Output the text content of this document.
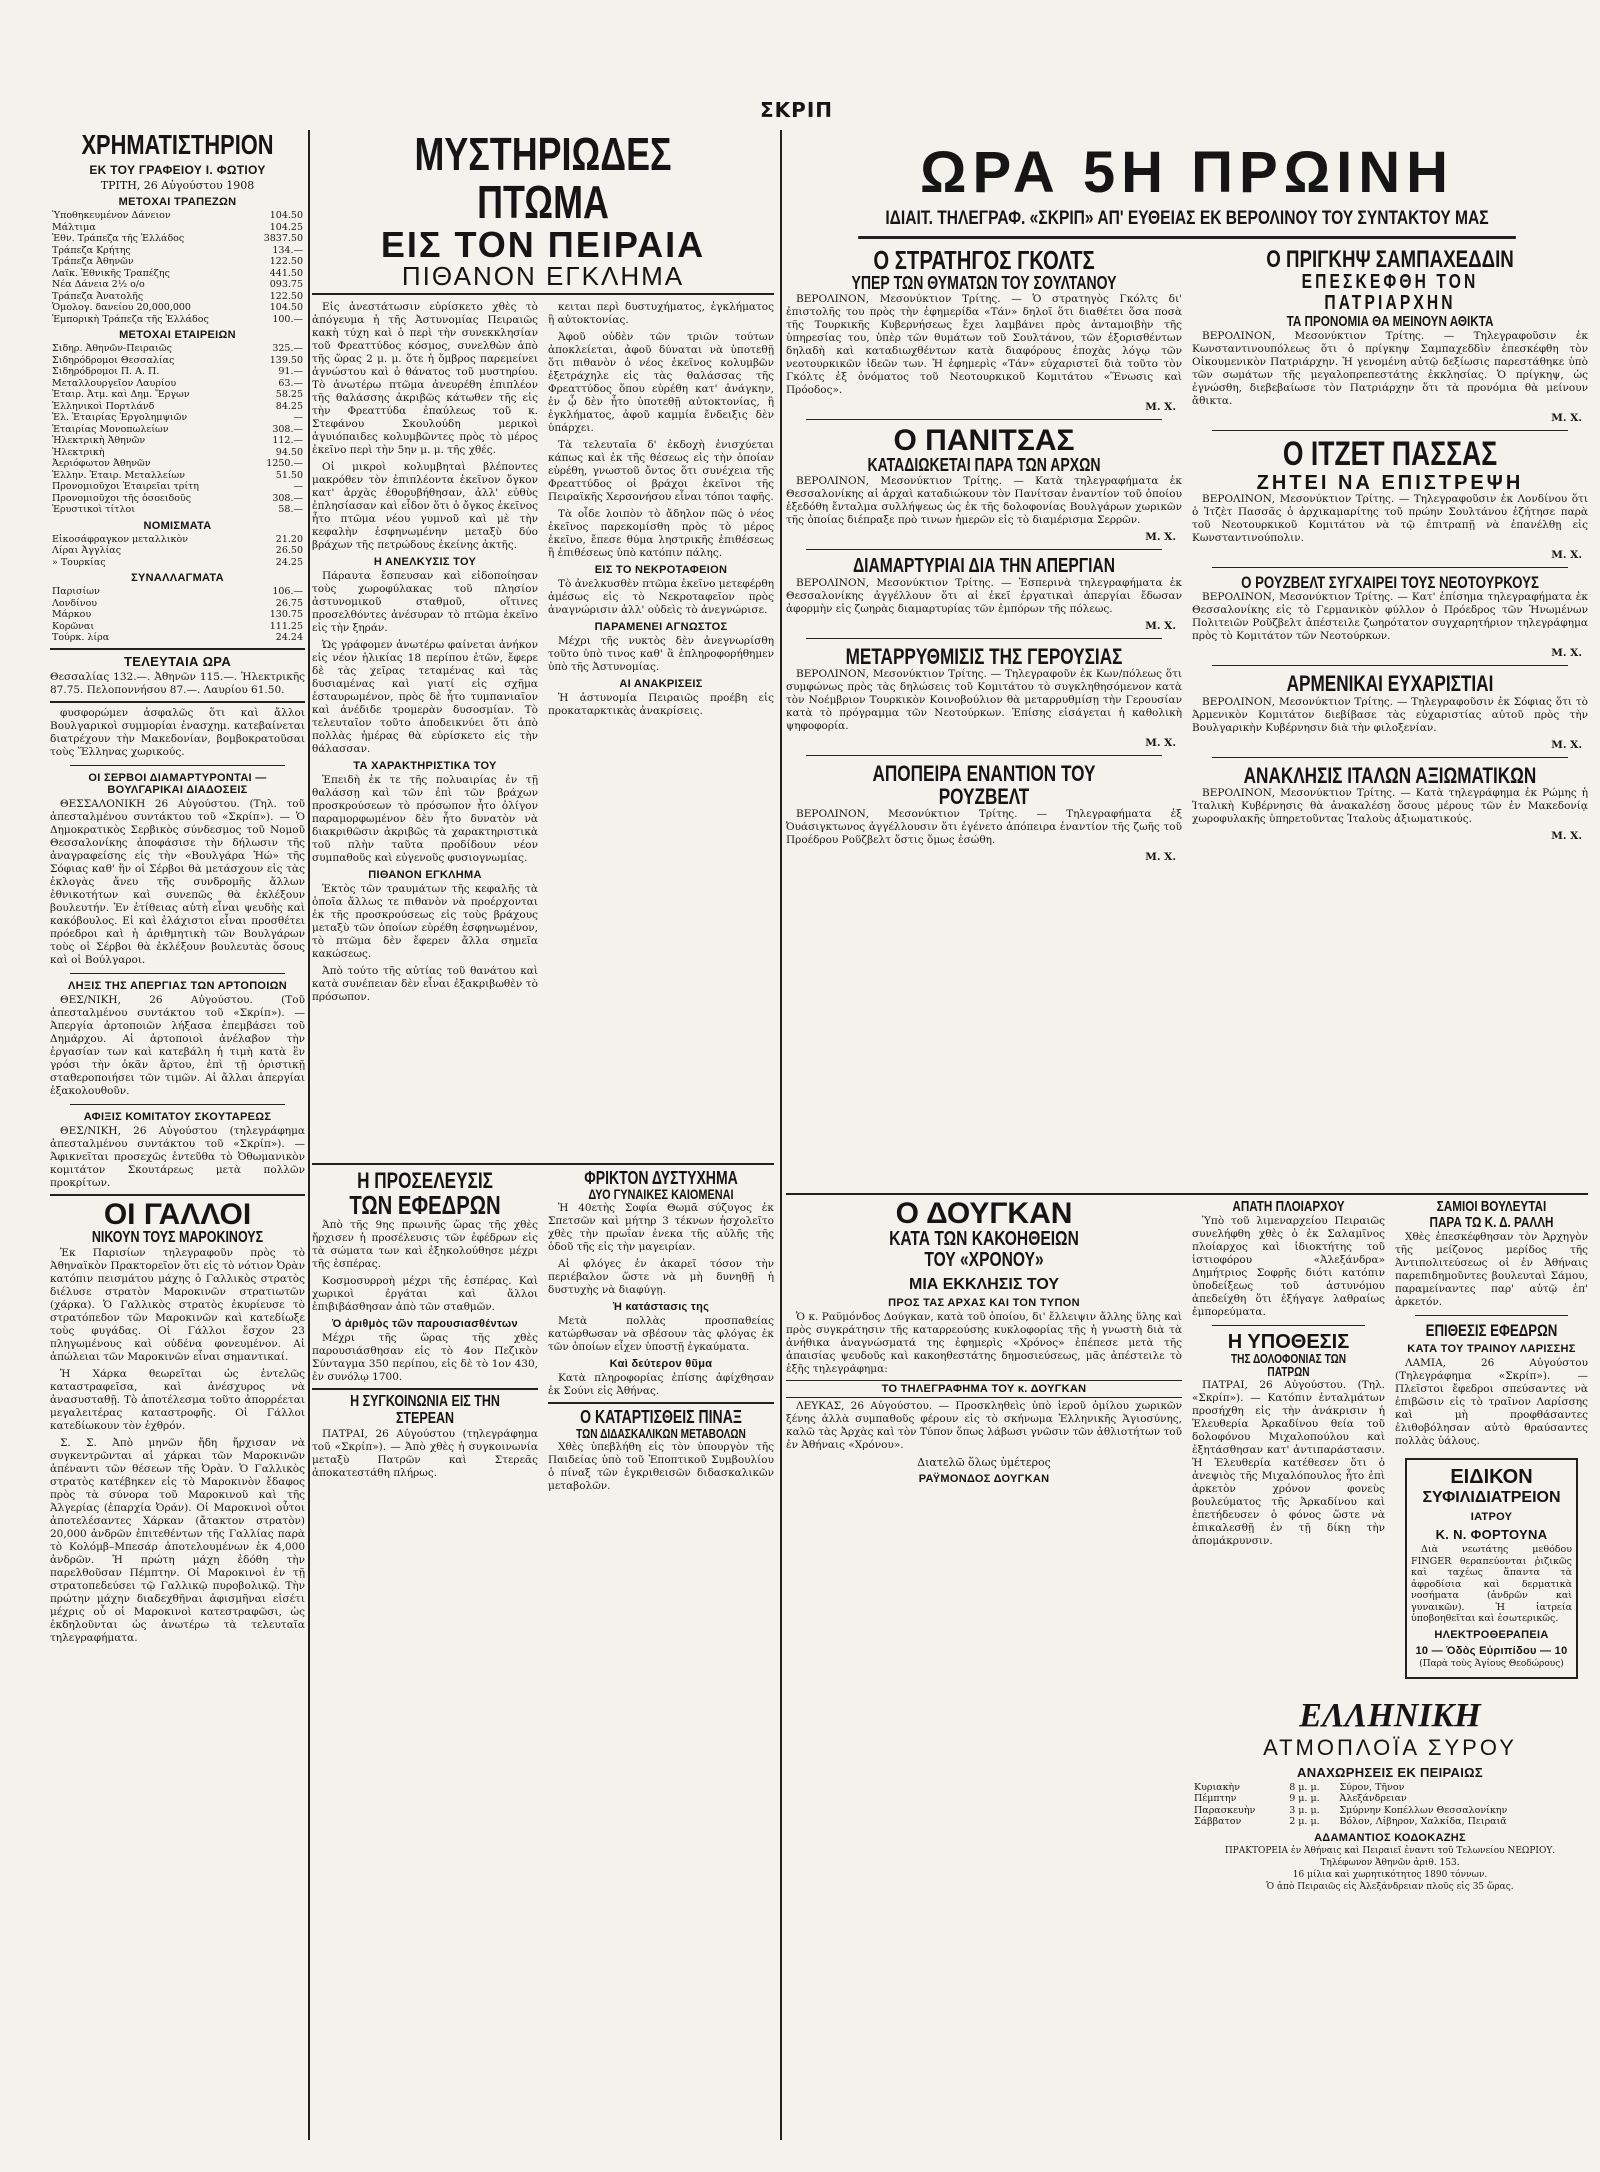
ΣΚΡΙΠ
ΧΡΗΜΑΤΙΣΤΗΡΙΟΝ
ΕΚ ΤΟΥ ΓΡΑΦΕΙΟΥ Ι. ΦΩΤΙΟΥ
ΤΡΙΤΗ, 26 Αὐγούστου 1908
ΜΕΤΟΧΑΙ ΤΡΑΠΕΖΩΝ
Ὑποθηκευμένον Δάνειον	104.50
Μάλτιμα	104.25
Ἐθν. Τράπεζα τῆς Ἑλλάδος	3837.50
Τράπεζα Κρήτης	134.—
Τράπεζα Ἀθηνῶν	122.50
Λαϊκ. Ἐθνικῆς Τραπέζης	441.50
Νέα Δάνεια 2½ ο/ο	093.75
Τράπεζα Ἀνατολῆς	122.50
Ὁμολογ. δανείου 20,000,000	104.50
Ἐμπορικὴ Τράπεζα τῆς Ἑλλάδος	100.—
ΜΕΤΟΧΑΙ ΕΤΑΙΡΕΙΩΝ
Σιδηρ. Ἀθηνῶν-Πειραιῶς	325.—
Σιδηρόδρομοι Θεσσαλίας	139.50
Σιδηρόδρομοι Π. Α. Π.	91.—
Μεταλλουργεῖον Λαυρίου	63.—
Ἑταιρ. Ἀτμ. καὶ Δημ. Ἔργων	58.25
Ἑλληνικοὶ Πορτλάνδ	84.25
Ἑλ. Ἑταιρίας Ἐργολημψιῶν	—
Ἑταιρίας Μονοπωλείων	308.—
Ἠλεκτρικὴ Ἀθηνῶν	112.—
Ἠλεκτρικὴ	94.50
Ἀεριόφωτον Ἀθηνῶν	1250.—
Ἑλλην. Ἑταιρ. Μεταλλείων	51.50
Προνομιοῦχοι Ἑταιρεῖαι τρίτη	—
Προνομιοῦχοι τῆς ὁσοειδοῦς	308.—
Ἑρυστικοὶ τίτλοι	58.—
ΝΟΜΙΣΜΑΤΑ
Εἰκοσάφραγκον μεταλλικὸν	21.20
Λίραι Ἀγγλίας	26.50
» Τουρκίας	24.25
ΣΥΝΑΛΛΑΓΜΑΤΑ
Παρισίων	106.—
Λονδίνου	26.75
Μάρκου	130.75
Κορῶναι	111.25
Τούρκ. λίρα	24.24
ΤΕΛΕΥΤΑΙΑ ΩΡΑ
Θεσσαλίας 132.—. Ἀθηνῶν 115.—. Ἠλεκτρικῆς 87.75. Πελοποννήσου 87.—. Λαυρίου 61.50.
φυσφορώμεν ἀσφαλῶς ὅτι καὶ ἄλλοι Βουλγαρικοὶ συμμορίαι ἐνασχημ. κατεβαίνεται διατρέχουν τὴν Μακεδονίαν, βομβοκρατοῦσαι τοὺς Ἕλληνας χωρικούς.
ΟΙ ΣΕΡΒΟΙ ΔΙΑΜΑΡΤΥΡΟΝΤΑΙ — ΒΟΥΛΓΑΡΙΚΑΙ ΔΙΑΔΟΣΕΙΣ
ΘΕΣΣΑΛΟΝΙΚΗ 26 Αὐγούστου. (Τηλ. τοῦ ἀπεσταλμένου συντάκτου τοῦ «Σκρίπ»). — Ὁ Δημοκρατικὸς Σερβικὸς σύνδεσμος τοῦ Νομοῦ Θεσσαλονίκης ἀποφάσισε τὴν δήλωσιν τῆς ἀναγραφείσης εἰς τὴν «Βουλγάρα Ἠώ» τῆς Σόφιας καθ' ἣν οἱ Σέρβοι θὰ μετάσχουν εἰς τὰς ἐκλογὰς ἄνευ τῆς συνδρομῆς ἄλλων ἐθνικοτήτων καὶ συνεπῶς θὰ ἐκλέξουν βουλευτήν. Ἐν ἐτίθειας αὐτὴ εἶναι ψευδὴς καὶ κακόβουλος. Εἰ καὶ ἐλάχιστοι εἶναι προσθέτει πρόεδροι καὶ ἡ ἀριθμητικὴ τῶν Βουλγάρων τοὺς οἱ Σέρβοι θὰ ἐκλέξουν βουλευτὰς ὅσους καὶ οἱ Βούλγαροι.
ΛΗΞΙΣ ΤΗΣ ΑΠΕΡΓΙΑΣ ΤΩΝ ΑΡΤΟΠΟΙΩΝ
ΘΕΣ/ΝΙΚΗ, 26 Αὐγούστου. (Τοῦ ἀπεσταλμένου συντάκτου τοῦ «Σκρίπ»). — Ἀπεργία ἀρτοποιῶν λήξασα ἐπεμβάσει τοῦ Δημάρχου. Αἱ ἀρτοποιοὶ ἀνέλαβον τὴν ἐργασίαν των καὶ κατεβάλη ἡ τιμὴ κατὰ ἓν γρόσι τὴν ὀκᾶν ἄρτου, ἐπὶ τῇ ὁριστικῇ σταθεροποιήσει τῶν τιμῶν. Αἱ ἄλλαι ἀπεργίαι ἐξακολουθοῦν.
ΑΦΙΞΙΣ ΚΟΜΙΤΑΤΟΥ ΣΚΟΥΤΑΡΕΩΣ
ΘΕΣ/ΝΙΚΗ, 26 Αὐγούστου (τηλεγράφημα ἀπεσταλμένου συντάκτου τοῦ «Σκρίπ»). — Ἀφικνεῖται προσεχῶς ἐντεῦθα τὸ Ὀθωμανικὸν κομιτάτον Σκουτάρεως μετὰ πολλῶν προκρίτων.
ΟΙ ΓΑΛΛΟΙ
ΝΙΚΟΥΝ ΤΟΥΣ ΜΑΡΟΚΙΝΟΥΣ
Ἐκ Παρισίων τηλεγραφοῦν πρὸς τὸ Ἀθηναϊκὸν Πρακτορεῖον ὅτι εἰς τὸ νότιον Ὀρὰν κατόπιν πεισμάτου μάχης ὁ Γαλλικὸς στρατὸς διέλυσε στρατὸν Μαροκινῶν στρατιωτῶν (χάρκα). Ὁ Γαλλικὸς στρατὸς ἐκυρίευσε τὸ στρατόπεδον τῶν Μαροκινῶν καὶ κατεδίωξε τοὺς φυγάδας. Οἱ Γάλλοι ἔσχον 23 πληγωμένους καὶ οὐδένα φονευμένον. Αἱ ἀπώλειαι τῶν Μαροκινῶν εἶναι σημαντικαί.
Ἡ Χάρκα θεωρεῖται ὡς ἐντελῶς καταστραφεῖσα, καὶ ἀνέσχυρος νὰ ἀνασυσταθῇ. Τὸ ἀποτέλεσμα τοῦτο ἀπορρέεται μεγαλειτέρας καταστροφῆς. Οἱ Γάλλοι κατεδίωκουν τὸν ἐχθρόν.
Σ. Σ. Ἀπὸ μηνῶν ἤδη ἤρχισαν νὰ συγκεντρῶνται αἱ χάρκαι τῶν Μαροκινῶν ἀπέναντι τῶν θέσεων τῆς Ὀρὰν. Ὁ Γαλλικὸς στρατὸς κατέβηκεν εἰς τὸ Μαροκινὸν ἔδαφος πρὸς τὰ σύνορα τοῦ Μαροκινοῦ καὶ τῆς Ἀλγερίας (ἐπαρχία Ὀράν). Οἱ Μαροκινοὶ οὗτοι ἀποτελέσαντες Χάρκαν (ἄτακτον στρατὸν) 20,000 ἀνδρῶν ἐπιτεθέντων τῆς Γαλλίας παρὰ τὸ Κολόμβ–Μπεσάρ ἀποτελουμένων ἐκ 4,000 ἀνδρῶν. Ἡ πρώτη μάχη ἐδόθη τὴν παρελθοῦσαν Πέμπτην. Οἱ Μαροκινοὶ ἐν τῇ στρατοπεδεύσει τῷ Γαλλικῷ πυροβολικῷ. Τὴν πρώτην μάχην διαδεχθῆναι ἀφισμῆναι εἰσέτι μέχρις οὗ οἱ Μαροκινοὶ κατεστραφῶσι, ὡς ἐκδηλοῦνται ὡς ἀνωτέρω τὰ τελευταῖα τηλεγραφήματα.
ΜΥΣΤΗΡΙΩΔΕΣ ΠΤΩΜΑ
ΕΙΣ ΤΟΝ ΠΕΙΡΑΙΑ
ΠΙΘΑΝΟΝ ΕΓΚΛΗΜΑ
Εἰς ἀνεστάτωσιν εὑρίσκετο χθὲς τὸ ἀπόγευμα ἡ τῆς Ἀστυνομίας Πειραιῶς κακὴ τύχη καὶ ὁ περὶ τὴν συνεκκλησίαν τοῦ Φρεαττύδος κόσμος, συνελθὼν ἀπὸ τῆς ὥρας 2 μ. μ. ὅτε ἡ ὅμβρος παρεμείνει ἀγνώστου καὶ ὁ θάνατος τοῦ μυστηρίου. Τὸ ἀνωτέρω πτῶμα ἀνευρέθη ἐπιπλέον τῆς θαλάσσης ἀκριβῶς κάτωθεν τῆς εἰς τὴν Φρεαττύδα ἐπαύλεως τοῦ κ. Στεφάνου Σκουλούδη μερικοὶ ἀγυιόπαιδες κολυμβῶντες πρὸς τὸ μέρος ἐκεῖνο περὶ τὴν 5ην μ. μ. τῆς χθές.
Οἱ μικροὶ κολυμβηταὶ βλέποντες μακρόθεν τὸν ἐπιπλέοντα ἐκεῖνον ὄγκον κατ' ἀρχὰς ἐθορυβήθησαν, ἀλλ' εὐθὺς ἐπλησίασαν καὶ εἶδον ὅτι ὁ ὄγκος ἐκεῖνος ἦτο πτῶμα νέου γυμνοῦ καὶ μὲ τὴν κεφαλὴν ἐσφηνωμένην μεταξὺ δύο βράχων τῆς πετρώδους ἐκείνης ἀκτῆς.
Η ΑΝΕΛΚΥΣΙΣ ΤΟΥ
Πάραυτα ἔσπευσαν καὶ εἰδοποίησαν τοὺς χωροφύλακας τοῦ πλησίον ἀστυνομικοῦ σταθμοῦ, οἵτινες προσελθόντες ἀνέσυραν τὸ πτῶμα ἐκεῖνο εἰς τὴν ξηράν.
Ὡς γράφομεν ἀνωτέρω φαίνεται ἀνήκον εἰς νέον ἡλικίας 18 περίπου ἐτῶν, ἔφερε δὲ τὰς χεῖρας τεταμένας καὶ τὰς δυσιαμένας καὶ γιατί εἰς σχῆμα ἐσταυρωμένον, πρὸς δὲ ἦτο τυμπανιαῖον καὶ ἀνέδιδε τρομερὰν δυσοσμίαν. Τὸ τελευταῖον τοῦτο ἀποδεικνύει ὅτι ἀπὸ πολλὰς ἡμέρας θὰ εὑρίσκετο εἰς τὴν θάλασσαν.
ΤΑ ΧΑΡΑΚΤΗΡΙΣΤΙΚΑ ΤΟΥ
Ἐπειδὴ ἐκ τε τῆς πολυαιρίας ἐν τῇ θαλάσσῃ καὶ τῶν ἐπὶ τῶν βράχων προσκρούσεων τὸ πρόσωπον ἦτο ὀλίγον παραμορφωμένον δὲν ἦτο δυνατὸν νὰ διακριθῶσιν ἀκριβῶς τὰ χαρακτηριστικὰ τοῦ πλὴν ταῦτα προδίδουν νέον συμπαθοῦς καὶ εὐγενοῦς φυσιογνωμίας.
ΠΙΘΑΝΟΝ ΕΓΚΛΗΜΑ
Ἐκτὸς τῶν τραυμάτων τῆς κεφαλῆς τὰ ὁποῖα ἄλλως τε πιθανὸν νὰ προέρχονται ἐκ τῆς προσκρούσεως εἰς τοὺς βράχους μεταξὺ τῶν ὁποίων εὑρέθη ἐσφηνωμένον, τὸ πτῶμα δὲν ἔφερεν ἄλλα σημεῖα κακώσεως.
Ἀπὸ τούτο τῆς αὐτίας τοῦ θανάτου καὶ κατὰ συνέπειαν δὲν εἶναι ἐξακριβωθὲν τὸ πρόσωπον.
κειται περὶ δυστυχήματος, ἐγκλήματος ἢ αὐτοκτονίας.
Ἀφοῦ οὐδὲν τῶν τριῶν τούτων ἀποκλείεται, ἀφοῦ δύναται νὰ ὑποτεθῇ ὅτι πιθανὸν ὁ νέος ἐκεῖνος κολυμβῶν ἐξετράχηλε εἰς τὰς θαλάσσας τῆς Φρεαττύδος ὅπου εὑρέθη κατ' ἀνάγκην, ἐν ᾧ δὲν ἦτο ὑποτεθῇ αὐτοκτονίας, ἢ ἐγκλήματος, ἀφοῦ καμμία ἔνδειξις δὲν ὑπάρχει.
Τὰ τελευταῖα δ' ἐκδοχὴ ἐνισχύεται κάπως καὶ ἐκ τῆς θέσεως εἰς τὴν ὁποίαν εὑρέθη, γνωστοῦ ὄντος ὅτι συνέχεια τῆς Φρεαττύδος οἱ βράχοι ἐκεῖνοι τῆς Πειραϊκῆς Χερσονήσου εἶναι τόποι ταφῆς.
Τὰ οἶδε λοιπὸν τὸ ἄδηλον πῶς ὁ νέος ἐκεῖνος παρεκομίσθη πρὸς τὸ μέρος ἐκεῖνο, ἔπεσε θύμα ληστρικῆς ἐπιθέσεως ἢ ἐπιθέσεως ὑπὸ κατόπιν πάλης.
ΕΙΣ ΤΟ ΝΕΚΡΟΤΑΦΕΙΟΝ
Τὸ ἀνελκυσθὲν πτῶμα ἐκεῖνο μετεφέρθη ἀμέσως εἰς τὸ Νεκροταφεῖον πρὸς ἀναγνώρισιν ἀλλ' οὐδεὶς τὸ ἀνεγνώρισε.
ΠΑΡΑΜΕΝΕΙ ΑΓΝΩΣΤΟΣ
Μέχρι τῆς νυκτὸς δὲν ἀνεγνωρίσθη τοῦτο ὑπὸ τινος καθ' ἃ ἐπληροφορήθημεν ὑπὸ τῆς Ἀστυνομίας.
ΑΙ ΑΝΑΚΡΙΣΕΙΣ
Ἡ ἀστυνομία Πειραιῶς προέβη εἰς προκαταρκτικὰς ἀνακρίσεις.
Η ΠΡΟΣΕΛΕΥΣΙΣ
ΤΩΝ ΕΦΕΔΡΩΝ
Ἀπὸ τῆς 9ης πρωινῆς ὥρας τῆς χθὲς ἤρχισεν ἡ προσέλευσις τῶν ἐφέδρων εἰς τὰ σώματα των καὶ ἐξηκολούθησε μέχρι τῆς ἑσπέρας.
Κοσμοσυρροὴ μέχρι τῆς ἑσπέρας. Καὶ χωρικοὶ ἐργάται καὶ ἄλλοι ἐπιβιβάσθησαν ἀπὸ τῶν σταθμῶν.
Ὁ ἀριθμὸς τῶν παρουσιασθέντων
Μέχρι τῆς ὥρας τῆς χθὲς παρουσιάσθησαν εἰς τὸ 4ον Πεζικὸν Σύνταγμα 350 περίπου, εἰς δὲ τὸ 1ον 430, ἐν συνόλῳ 1700.
Η ΣΥΓΚΟΙΝΩΝΙΑ ΕΙΣ ΤΗΝ ΣΤΕΡΕΑΝ
ΠΑΤΡΑΙ, 26 Αὐγούστου (τηλεγράφημα τοῦ «Σκρίπ»). — Ἀπὸ χθὲς ἡ συγκοινωνία μεταξὺ Πατρῶν καὶ Στερεᾶς ἀποκατεστάθη πλήρως.
ΦΡΙΚΤΟΝ ΔΥΣΤΥΧΗΜΑ
ΔΥΟ ΓΥΝΑΙΚΕΣ ΚΑΙΟΜΕΝΑΙ
Ἡ 40ετὴς Σοφία Θωμᾶ σύζυγος ἐκ Σπετσῶν καὶ μήτηρ 3 τέκνων ἠσχολεῖτο χθὲς τὴν πρωΐαν ἐνεκα τῆς αὐλῆς τῆς ὁδοῦ τῆς εἰς τὴν μαγειρίαν.
Αἱ φλόγες ἐν ἀκαρεῖ τόσον τὴν περιέβαλον ὥστε νὰ μὴ δυνηθῇ ἡ δυστυχὴς νὰ διαφύγῃ.
Ἡ κατάστασις της
Μετὰ πολλὰς προσπαθείας κατώρθωσαν νὰ σβέσουν τὰς φλόγας ἐκ τῶν ὁποίων εἶχεν ὑποστῇ ἐγκαύματα.
Καὶ δεύτερον θῦμα
Κατὰ πληροφορίας ἐπίσης ἀφίχθησαν ἐκ Σούνι εἰς Ἀθήνας.
Ο ΚΑΤΑΡΤΙΣΘΕΙΣ ΠΙΝΑΞ
ΤΩΝ ΔΙΔΑΣΚΑΛΙΚΩΝ ΜΕΤΑΒΟΛΩΝ
Χθὲς ὑπεβλήθη εἰς τὸν ὑπουργὸν τῆς Παιδείας ὑπὸ τοῦ Ἐποπτικοῦ Συμβουλίου ὁ πίναξ τῶν ἐγκριθεισῶν διδασκαλικῶν μεταβολῶν.
ΩΡΑ 5Η ΠΡΩΙΝΗ
ΙΔΙΑΙΤ. ΤΗΛΕΓΡΑΦ. «ΣΚΡΙΠ» ΑΠ' ΕΥΘΕΙΑΣ ΕΚ ΒΕΡΟΛΙΝΟΥ ΤΟΥ ΣΥΝΤΑΚΤΟΥ ΜΑΣ
Ο ΣΤΡΑΤΗΓΟΣ ΓΚΟΛΤΣ
ΥΠΕΡ ΤΩΝ ΘΥΜΑΤΩΝ ΤΟΥ ΣΟΥΛΤΑΝΟΥ
ΒΕΡΟΛΙΝΟΝ, Μεσονύκτιον Τρίτης. — Ὁ στρατηγὸς Γκόλτς δι' ἐπιστολῆς του πρὸς τὴν ἐφημερίδα «Τάν» δηλοῖ ὅτι διαθέτει ὅσα ποσὰ τῆς Τουρκικῆς Κυβερνήσεως ἔχει λαμβάνει πρὸς ἀνταμοιβὴν τῆς ὑπηρεσίας του, ὑπὲρ τῶν θυμάτων τοῦ Σουλτάνου, τῶν ἐξορισθέντων δηλαδὴ καὶ καταδιωχθέντων κατὰ διαφόρους ἐποχὰς λόγῳ τῶν νεοτουρκικῶν ἰδεῶν των. Ἡ ἐφημερὶς «Τάν» εὐχαριστεῖ διὰ τοῦτο τὸν Γκόλτς ἐξ ὀνόματος τοῦ Νεοτουρκικοῦ Κομιτάτου «Ἕνωσις καὶ Πρόοδος».
Μ. Χ.
Ο ΠΑΝΙΤΣΑΣ
ΚΑΤΑΔΙΩΚΕΤΑΙ ΠΑΡΑ ΤΩΝ ΑΡΧΩΝ
ΒΕΡΟΛΙΝΟΝ, Μεσονύκτιον Τρίτης. — Κατὰ τηλεγραφήματα ἐκ Θεσσαλονίκης αἱ ἀρχαὶ καταδιώκουν τὸν Πανίτσαν ἐναντίον τοῦ ὁποίου ἐξεδόθη ἔνταλμα συλλήψεως ὡς ἐκ τῆς δολοφονίας Βουλγάρων χωρικῶν τῆς ὁποίας διέπραξε πρὸ τινων ἡμερῶν εἰς τὸ διαμέρισμα Σερρῶν.
Μ. Χ.
ΔΙΑΜΑΡΤΥΡΙΑΙ ΔΙΑ ΤΗΝ ΑΠΕΡΓΙΑΝ
ΒΕΡΟΛΙΝΟΝ, Μεσονύκτιον Τρίτης. — Ἐσπερινὰ τηλεγραφήματα ἐκ Θεσσαλονίκης ἀγγέλλουν ὅτι αἱ ἐκεῖ ἐργατικαὶ ἀπεργίαι ἔδωσαν ἀφορμὴν εἰς ζωηρὰς διαμαρτυρίας τῶν ἐμπόρων τῆς πόλεως.
Μ. Χ.
ΜΕΤΑΡΡΥΘΜΙΣΙΣ ΤΗΣ ΓΕΡΟΥΣΙΑΣ
ΒΕΡΟΛΙΝΟΝ, Μεσονύκτιον Τρίτης. — Τηλεγραφοῦν ἐκ Κων/πόλεως ὅτι συμφώνως πρὸς τὰς δηλώσεις τοῦ Κομιτάτου τὸ συγκληθησόμενον κατὰ τὸν Νοέμβριον Τουρκικὸν Κοινοβούλιον θὰ μεταρρυθμίσῃ τὴν Γερουσίαν κατὰ τὸ πρόγραμμα τῶν Νεοτούρκων. Ἐπίσης εἰσάγεται ἡ καθολικὴ ψηφοφορία.
Μ. Χ.
ΑΠΟΠΕΙΡΑ ΕΝΑΝΤΙΟΝ ΤΟΥ ΡΟΥΖΒΕΛΤ
ΒΕΡΟΛΙΝΟΝ, Μεσονύκτιον Τρίτης. — Τηλεγραφήματα ἐξ Ὀυάσιγκτωνος ἀγγέλλουσιν ὅτι ἐγένετο ἀπόπειρα ἐναντίον τῆς ζωῆς τοῦ Προέδρου Ροῦζβελτ ὅστις ὅμως ἐσώθη.
Μ. Χ.
Ο ΠΡΙΓΚΗΨ ΣΑΜΠΑΧΕΔΔΙΝ
ΕΠΕΣΚΕΦΘΗ ΤΟΝ ΠΑΤΡΙΑΡΧΗΝ
ΤΑ ΠΡΟΝΟΜΙΑ ΘΑ ΜΕΙΝΟΥΝ ΑΘΙΚΤΑ
ΒΕΡΟΛΙΝΟΝ, Μεσονύκτιον Τρίτης. — Τηλεγραφοῦσιν ἐκ Κωνσταντινουπόλεως ὅτι ὁ πρίγκηψ Σαμπαχεδδὶν ἐπεσκέφθη τὸν Οἰκουμενικὸν Πατριάρχην. Ἡ γενομένη αὐτῷ δεξίωσις παρεστάθηκε ὑπὸ τῶν σωμάτων τῆς μεγαλοπρεπεστάτης ἐκκλησίας. Ὁ πρίγκηψ, ὡς ἐγνώσθη, διεβεβαίωσε τὸν Πατριάρχην ὅτι τὰ προνόμια θὰ μείνουν ἄθικτα.
Μ. Χ.
Ο ΙΤΖΕΤ ΠΑΣΣΑΣ
ΖΗΤΕΙ ΝΑ ΕΠΙΣΤΡΕΨΗ
ΒΕΡΟΛΙΝΟΝ, Μεσονύκτιον Τρίτης. — Τηλεγραφοῦσιν ἐκ Λονδίνου ὅτι ὁ Ἰτζὲτ Πασσᾶς ὁ ἀρχικαμαρίτης τοῦ πρώην Σουλτάνου ἐζήτησε παρὰ τοῦ Νεοτουρκικοῦ Κομιτάτου νὰ τῷ ἐπιτραπῇ νὰ ἐπανέλθῃ εἰς Κωνσταντινούπολιν.
Μ. Χ.
Ο ΡΟΥΖΒΕΛΤ ΣΥΓΧΑΙΡΕΙ ΤΟΥΣ ΝΕΟΤΟΥΡΚΟΥΣ
ΒΕΡΟΛΙΝΟΝ, Μεσονύκτιον Τρίτης. — Κατ' ἐπίσημα τηλεγραφήματα ἐκ Θεσσαλονίκης εἰς τὸ Γερμανικὸν φύλλον ὁ Πρόεδρος τῶν Ἡνωμένων Πολιτειῶν Ροῦζβελτ ἀπέστειλε ζωηρότατον συγχαρητήριον τηλεγράφημα πρὸς τὸ Κομιτάτον τῶν Νεοτούρκων.
Μ. Χ.
ΑΡΜΕΝΙΚΑΙ ΕΥΧΑΡΙΣΤΙΑΙ
ΒΕΡΟΛΙΝΟΝ, Μεσονύκτιον Τρίτης. — Τηλεγραφοῦσιν ἐκ Σόφιας ὅτι τὸ Ἀρμενικὸν Κομιτάτον διεβίβασε τὰς εὐχαριστίας αὐτοῦ πρὸς τὴν Βουλγαρικὴν Κυβέρνησιν διὰ τὴν φιλοξενίαν.
Μ. Χ.
ΑΝΑΚΛΗΣΙΣ ΙΤΑΛΩΝ ΑΞΙΩΜΑΤΙΚΩΝ
ΒΕΡΟΛΙΝΟΝ, Μεσονύκτιον Τρίτης. — Κατὰ τηλεγράφημα ἐκ Ρώμης ἡ Ἰταλικὴ Κυβέρνησις θὰ ἀνακαλέσῃ ὅσους μέρους τῶν ἐν Μακεδονίᾳ χωροφυλακῆς ὑπηρετοῦντας Ἰταλοὺς ἀξιωματικούς.
Μ. Χ.
Ο ΔΟΥΓΚΑΝ
ΚΑΤΑ ΤΩΝ ΚΑΚΟΗΘΕΙΩΝ
ΤΟΥ «ΧΡΟΝΟΥ»
ΜΙΑ ΕΚΚΛΗΣΙΣ ΤΟΥ
ΠΡΟΣ ΤΑΣ ΑΡΧΑΣ ΚΑΙ ΤΟΝ ΤΥΠΟΝ
Ὁ κ. Ραϋμόνδος Δούγκαν, κατὰ τοῦ ὁποίου, δι' ἔλλειψιν ἄλλης ὕλης καὶ πρὸς συγκράτησιν τῆς καταρρεούσης κυκλοφορίας τῆς ἡ γνωστὴ διὰ τὰ ἀνήθικα ἀναγνώσματά της ἐφημερὶς «Χρόνος» ἐπέπεσε μετὰ τῆς ἀπαισίας ψευδοῦς καὶ κακοηθεστάτης δημοσιεύσεως, μᾶς ἀπέστειλε τὸ ἑξῆς τηλεγράφημα:
ΤΟ ΤΗΛΕΓΡΑΦΗΜΑ ΤΟΥ κ. ΔΟΥΓΚΑΝ
ΛΕΥΚΑΣ, 26 Αὐγούστου. — Προσκληθεὶς ὑπὸ ἱεροῦ ὁμίλου χωρικῶν ξένης ἀλλὰ συμπαθοῦς φέρουν εἰς τὸ σκήνωμα Ἑλληνικῆς Ἁγιοσύνης, καλῶ τὰς Ἀρχὰς καὶ τὸν Τύπον ὅπως λάβωσι γνῶσιν τῶν ἀθλιοτήτων τοῦ ἐν Ἀθήναις «Χρόνου».
Διατελῶ ὅλως ὑμέτερος
ΡΑΫΜΟΝΔΟΣ ΔΟΥΓΚΑΝ
ΑΠΑΤΗ ΠΛΟΙΑΡΧΟΥ
Ὑπὸ τοῦ λιμεναρχείου Πειραιῶς συνελήφθη χθὲς ὁ ἐκ Σαλαμῖνος πλοίαρχος καὶ ἰδιοκτήτης τοῦ ἱστιοφόρου «Ἀλεξάνδρα» Δημήτριος Σοφρῆς διότι κατόπιν ὑποδείξεως τοῦ ἀστυνόμου ἀπεδείχθη ὅτι ἐξήγαγε λαθραίως ἐμπορεύματα.
Η ΥΠΟΘΕΣΙΣ
ΤΗΣ ΔΟΛΟΦΟΝΙΑΣ ΤΩΝ ΠΑΤΡΩΝ
ΠΑΤΡΑΙ, 26 Αὐγούστου. (Τηλ. «Σκρίπ»). — Κατόπιν ἐνταλμάτων προσήχθη εἰς τὴν ἀνάκρισιν ἡ Ἐλευθερία Ἀρκαδίνου θεία τοῦ δολοφόνου Μιχαλοπούλου καὶ ἐξητάσθησαν κατ' ἀντιπαράστασιν. Ἡ Ἐλευθερία κατέθεσεν ὅτι ὁ ἀνεψιὸς τῆς Μιχαλόπουλος ἦτο ἐπὶ ἀρκετὸν χρόνον φονεὺς βουλεύματος τῆς Ἀρκαδίνου καὶ ἐπετήδευσεν ὁ φόνος ὥστε νὰ ἐπικαλεσθῇ ἐν τῇ δίκῃ τὴν ἀπομάκρυνσιν.
ΣΑΜΙΟΙ ΒΟΥΛΕΥΤΑΙ
ΠΑΡΑ ΤΩ Κ. Δ. ΡΑΛΛΗ
Χθὲς ἐπεσκέφθησαν τὸν Ἀρχηγὸν τῆς μείζονος μερίδος τῆς Ἀντιπολιτεύσεως οἱ ἐν Ἀθήναις παρεπιδημοῦντες βουλευταὶ Σάμου, παραμείναντες παρ' αὐτῷ ἐπ' ἀρκετόν.
ΕΠΙΘΕΣΙΣ ΕΦΕΔΡΩΝ
ΚΑΤΑ ΤΟΥ ΤΡΑΙΝΟΥ ΛΑΡΙΣΣΗΣ
ΛΑΜΙΑ, 26 Αὐγούστου (Τηλεγράφημα «Σκρίπ»). — Πλεῖστοι ἔφεδροι σπεύσαντες νὰ ἐπιβῶσιν εἰς τὸ τραῖνον Λαρίσσης καὶ μὴ προφθάσαντες ἐλιθοβόλησαν αὐτὸ θραύσαντες πολλὰς ὑάλους.
ΕΙΔΙΚΟΝ
ΣΥΦΙΛΙΔΙΑΤΡΕΙΟΝ
ΙΑΤΡΟΥ
Κ. Ν. ΦΟΡΤΟΥΝΑ
Διὰ νεωτάτης μεθόδου FINGER θεραπεύονται ῥιζικῶς καὶ ταχέως ἅπαντα τὰ ἀφροδίσια καὶ δερματικὰ νοσήματα (ἀνδρῶν καὶ γυναικῶν). Ἡ ἰατρεία ὑποβοηθεῖται καὶ ἐσωτερικῶς.
ΗΛΕΚΤΡΟΘΕΡΑΠΕΙΑ
10 — Ὁδὸς Εὐριπίδου — 10
(Παρὰ τοὺς Ἁγίους Θεοδώρους)
ΕΛΛΗΝΙΚΗ
ΑΤΜΟΠΛΟΪΑ ΣΥΡΟΥ
ΑΝΑΧΩΡΗΣΕΙΣ ΕΚ ΠΕΙΡΑΙΩΣ
Κυριακὴν	8 μ. μ.	Σύρον, Τῆνον
Πέμπτην	9 μ. μ.	Ἀλεξάνδρειαν
Παρασκευὴν	3 μ. μ.	Σμύρνην Κοπέλλων Θεσσαλονίκην
Σάββατον	2 μ. μ.	Βόλον, Λίβηρον, Χαλκίδα, Πειραιᾶ
ΑΔΑΜΑΝΤΙΟΣ ΚΟΔΟΚΑΖΗΣ
ΠΡΑΚΤΟΡΕΙΑ ἐν Ἀθήναις καὶ Πειραιεῖ ἐναντι τοῦ Τελωνείου ΝΕΩΡΙΟΥ.
Τηλέφωνον Ἀθηνῶν ἀριθ. 153.
16 μίλια καὶ χωρητικότητος 1890 τόννων.
Ὁ ἀπὸ Πειραιῶς εἰς Ἀλεξάνδρειαν πλοῦς εἰς 35 ὥρας.
